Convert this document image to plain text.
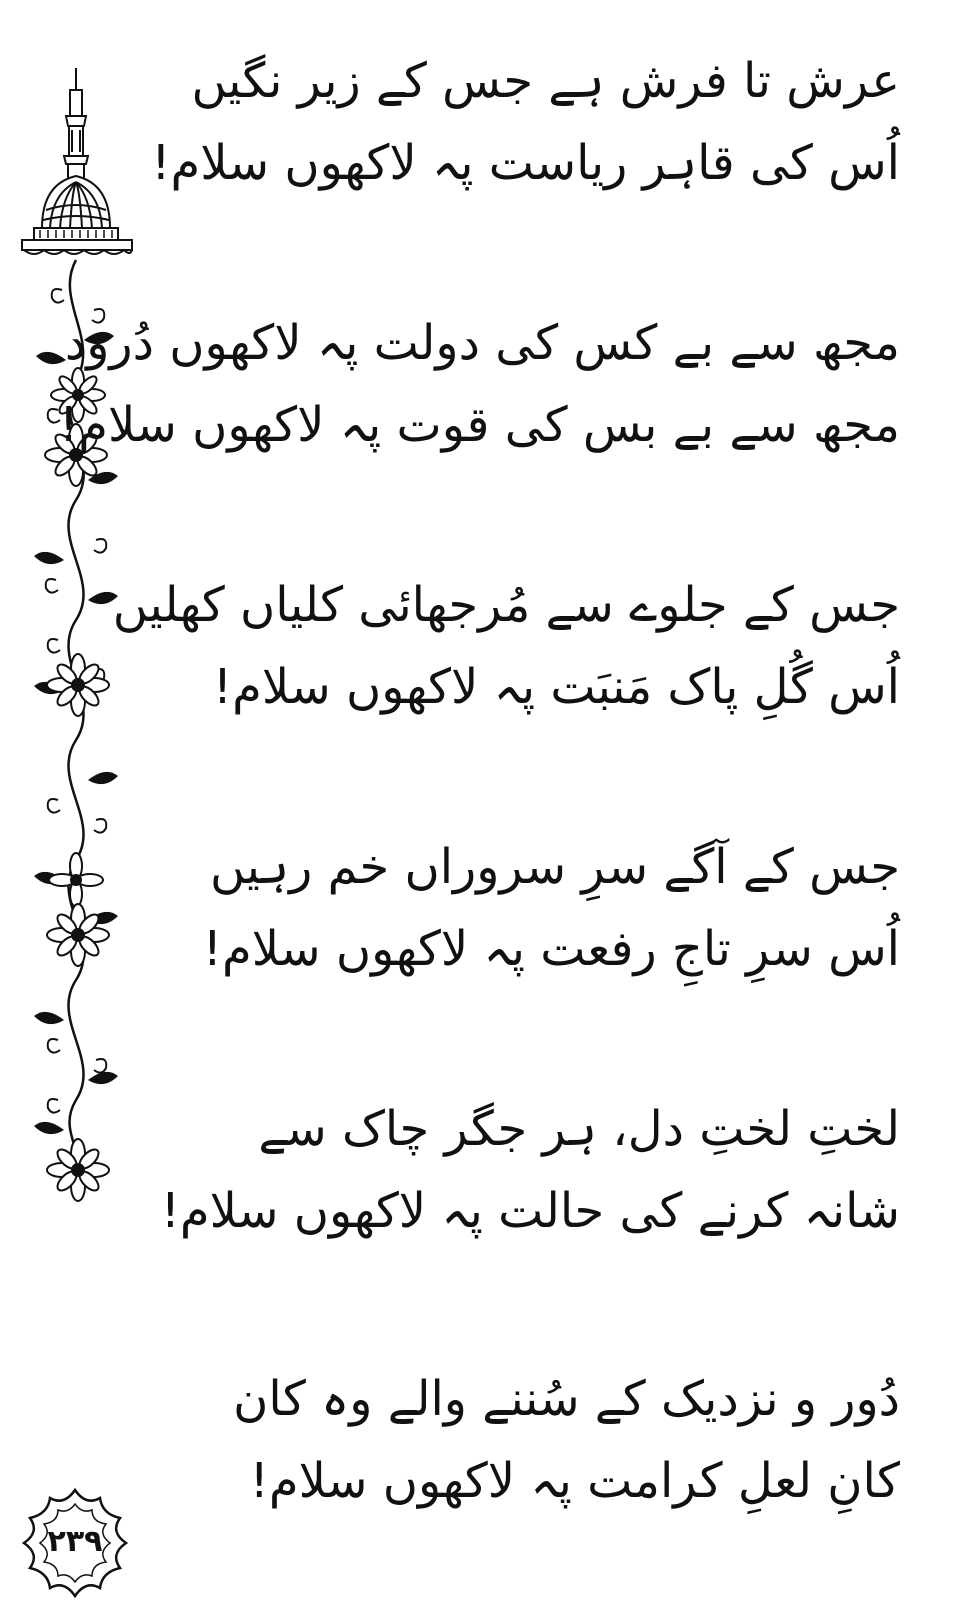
٢٣٩
عرش تا فرش ہے جس کے زیر نگیں
اُس کی قاہر ریاست پہ لاکھوں سلام!
مجھ سے بے کس کی دولت پہ لاکھوں دُرود
مجھ سے بے بس کی قوت پہ لاکھوں سلام!
جس کے جلوے سے مُرجھائی کلیاں کھلیں
اُس گُلِ پاک مَنبَت پہ لاکھوں سلام!
جس کے آگے سرِ سروراں خم رہیں
اُس سرِ تاجِ رفعت پہ لاکھوں سلام!
لختِ لختِ دل، ہر جگر چاک سے
شانہ کرنے کی حالت پہ لاکھوں سلام!
دُور و نزدیک کے سُننے والے وہ کان
کانِ لعلِ کرامت پہ لاکھوں سلام!
